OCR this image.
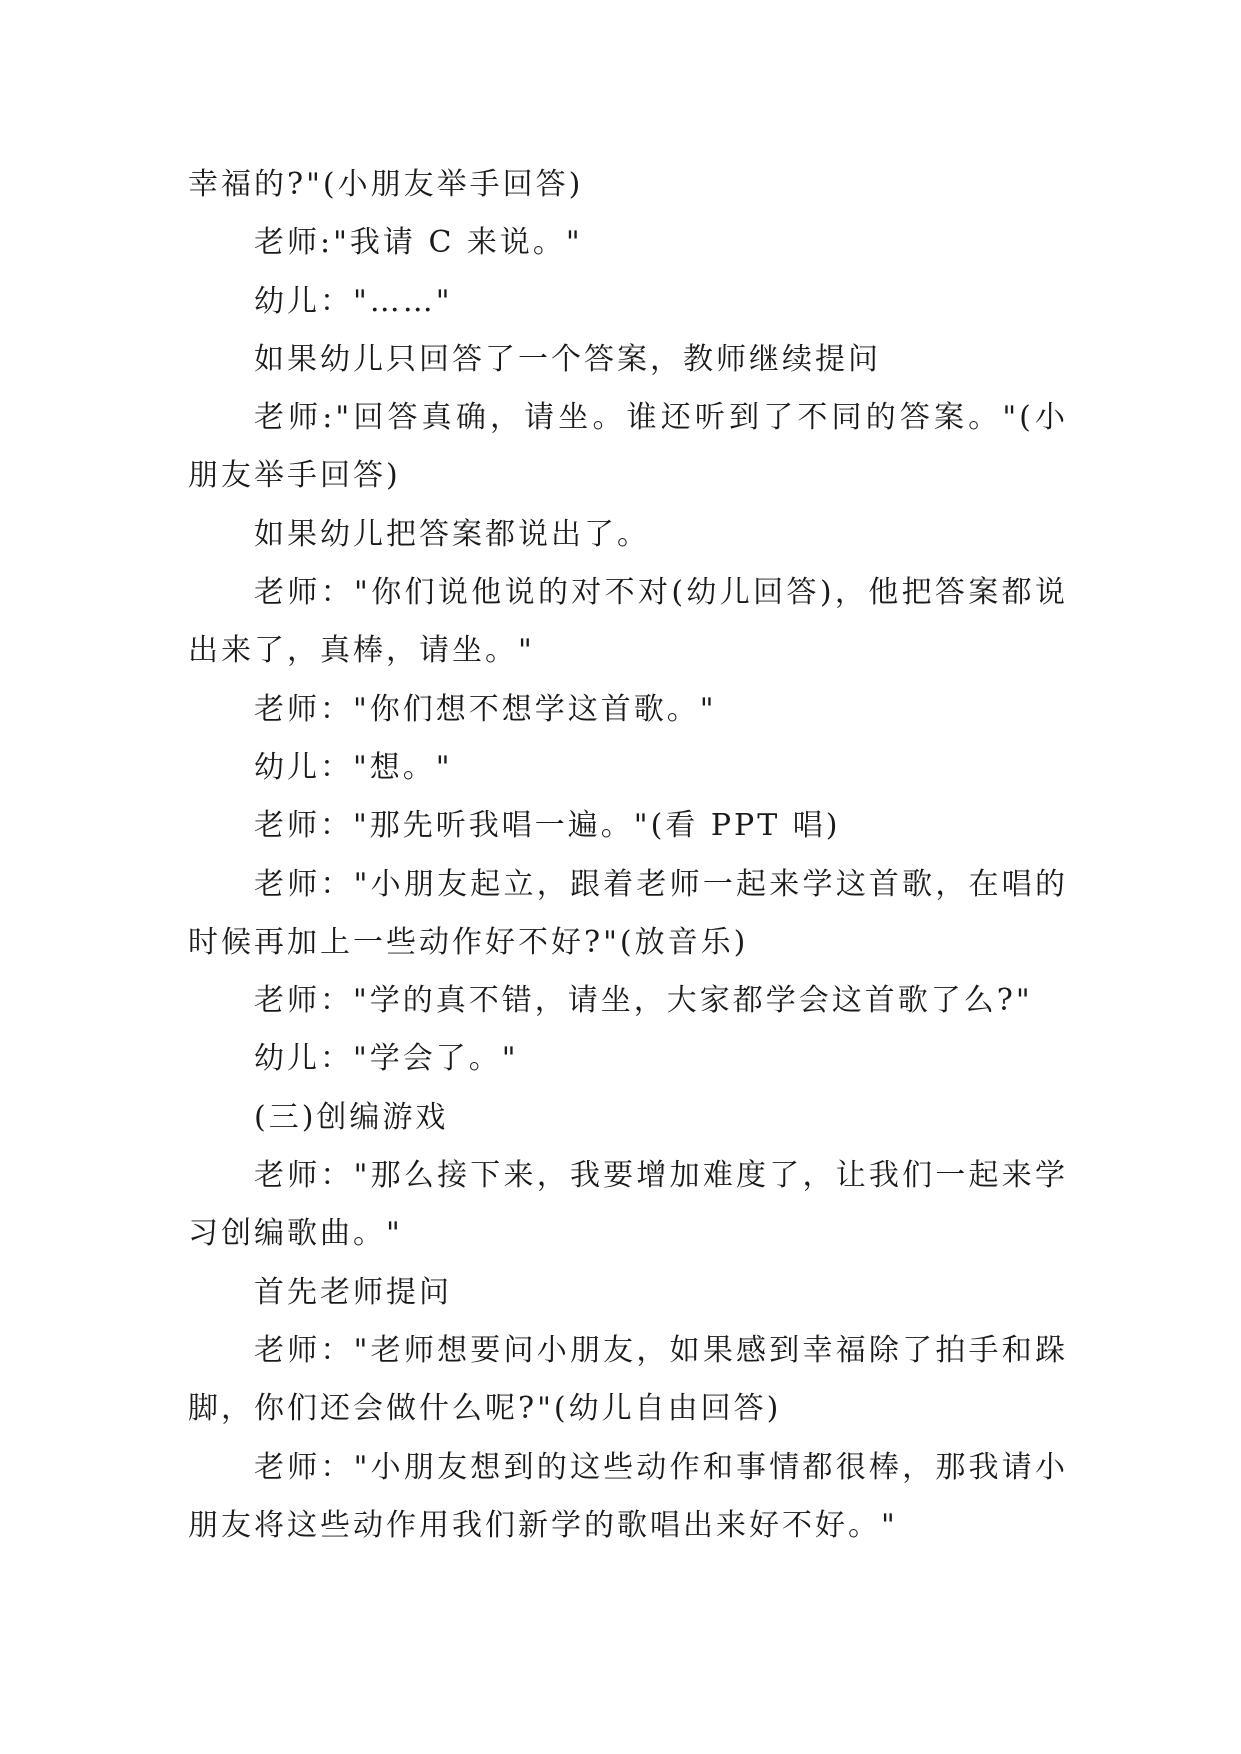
幸福的?"(小朋友举手回答)

老师:"我请 C 来说。"

幼儿："……"

如果幼儿只回答了一个答案，教师继续提问

老师:"回答真确，请坐。谁还听到了不同的答案。"(小朋友举手回答)

如果幼儿把答案都说出了。

老师："你们说他说的对不对(幼儿回答)，他把答案都说出来了，真棒，请坐。"

老师："你们想不想学这首歌。"

幼儿："想。"

老师："那先听我唱一遍。"(看 PPT 唱)

老师："小朋友起立，跟着老师一起来学这首歌，在唱的时候再加上一些动作好不好?"(放音乐)

老师："学的真不错，请坐，大家都学会这首歌了么?"

幼儿："学会了。"

(三)创编游戏

老师："那么接下来，我要增加难度了，让我们一起来学习创编歌曲。"

首先老师提问

老师："老师想要问小朋友，如果感到幸福除了拍手和跺脚，你们还会做什么呢?"(幼儿自由回答)

老师："小朋友想到的这些动作和事情都很棒，那我请小朋友将这些动作用我们新学的歌唱出来好不好。"
